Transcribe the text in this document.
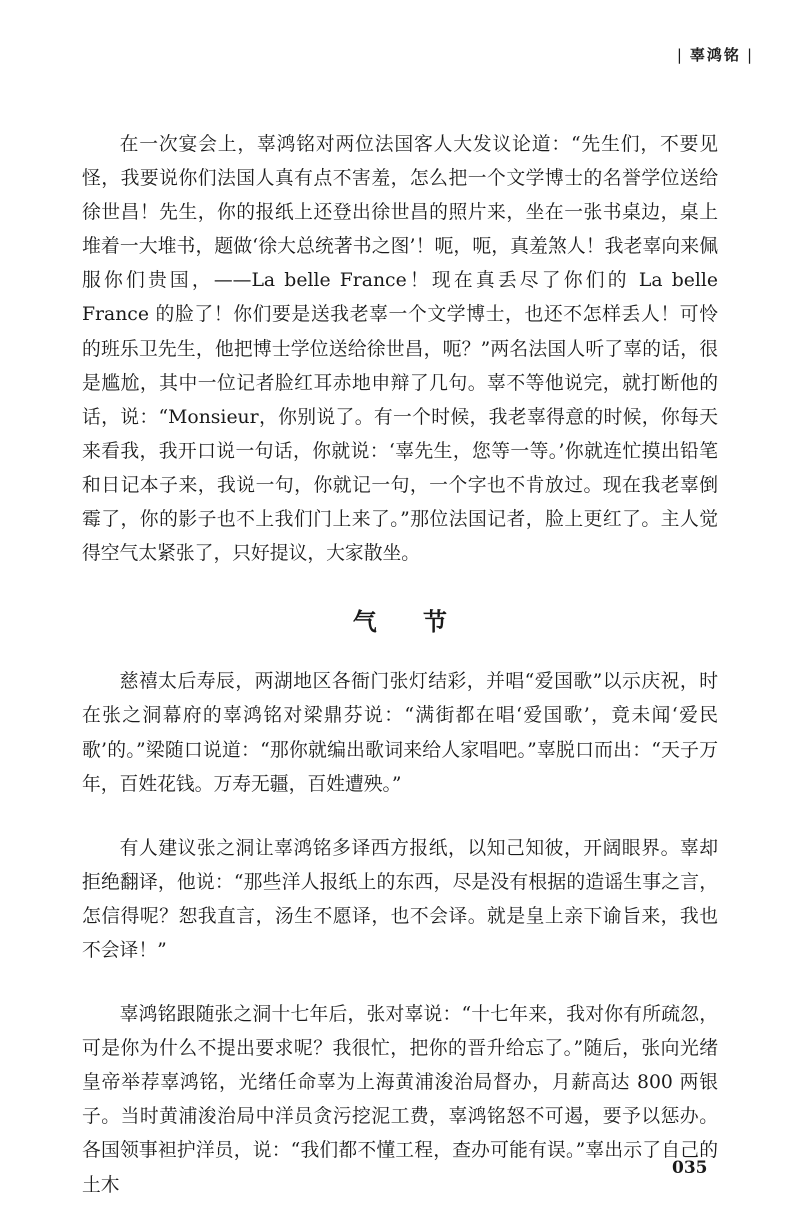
| 辜鸿铭 |

在一次宴会上，辜鸿铭对两位法国客人大发议论道：“先生们，不要见怪，我要说你们法国人真有点不害羞，怎么把一个文学博士的名誉学位送给徐世昌！先生，你的报纸上还登出徐世昌的照片来，坐在一张书桌边，桌上堆着一大堆书，题做‘徐大总统著书之图’！呃，呃，真羞煞人！我老辜向来佩服你们贵国，——La belle France！现在真丢尽了你们的 La belle France 的脸了！你们要是送我老辜一个文学博士，也还不怎样丢人！可怜的班乐卫先生，他把博士学位送给徐世昌，呃？”两名法国人听了辜的话，很是尴尬，其中一位记者脸红耳赤地申辩了几句。辜不等他说完，就打断他的话，说：“Monsieur，你别说了。有一个时候，我老辜得意的时候，你每天来看我，我开口说一句话，你就说：‘辜先生，您等一等。’你就连忙摸出铅笔和日记本子来，我说一句，你就记一句，一个字也不肯放过。现在我老辜倒霉了，你的影子也不上我们门上来了。”那位法国记者，脸上更红了。主人觉得空气太紧张了，只好提议，大家散坐。

气 节

慈禧太后寿辰，两湖地区各衙门张灯结彩，并唱“爱国歌”以示庆祝，时在张之洞幕府的辜鸿铭对梁鼎芬说：“满街都在唱‘爱国歌’，竟未闻‘爱民歌’的。”梁随口说道：“那你就编出歌词来给人家唱吧。”辜脱口而出：“天子万年，百姓花钱。万寿无疆，百姓遭殃。”

有人建议张之洞让辜鸿铭多译西方报纸，以知己知彼，开阔眼界。辜却拒绝翻译，他说：“那些洋人报纸上的东西，尽是没有根据的造谣生事之言，怎信得呢？恕我直言，汤生不愿译，也不会译。就是皇上亲下谕旨来，我也不会译！”

辜鸿铭跟随张之洞十七年后，张对辜说：“十七年来，我对你有所疏忽，可是你为什么不提出要求呢？我很忙，把你的晋升给忘了。”随后，张向光绪皇帝举荐辜鸿铭，光绪任命辜为上海黄浦浚治局督办，月薪高达 800 两银子。当时黄浦浚治局中洋员贪污挖泥工费，辜鸿铭怒不可遏，要予以惩办。各国领事袒护洋员，说：“我们都不懂工程，查办可能有误。”辜出示了自己的土木

035
